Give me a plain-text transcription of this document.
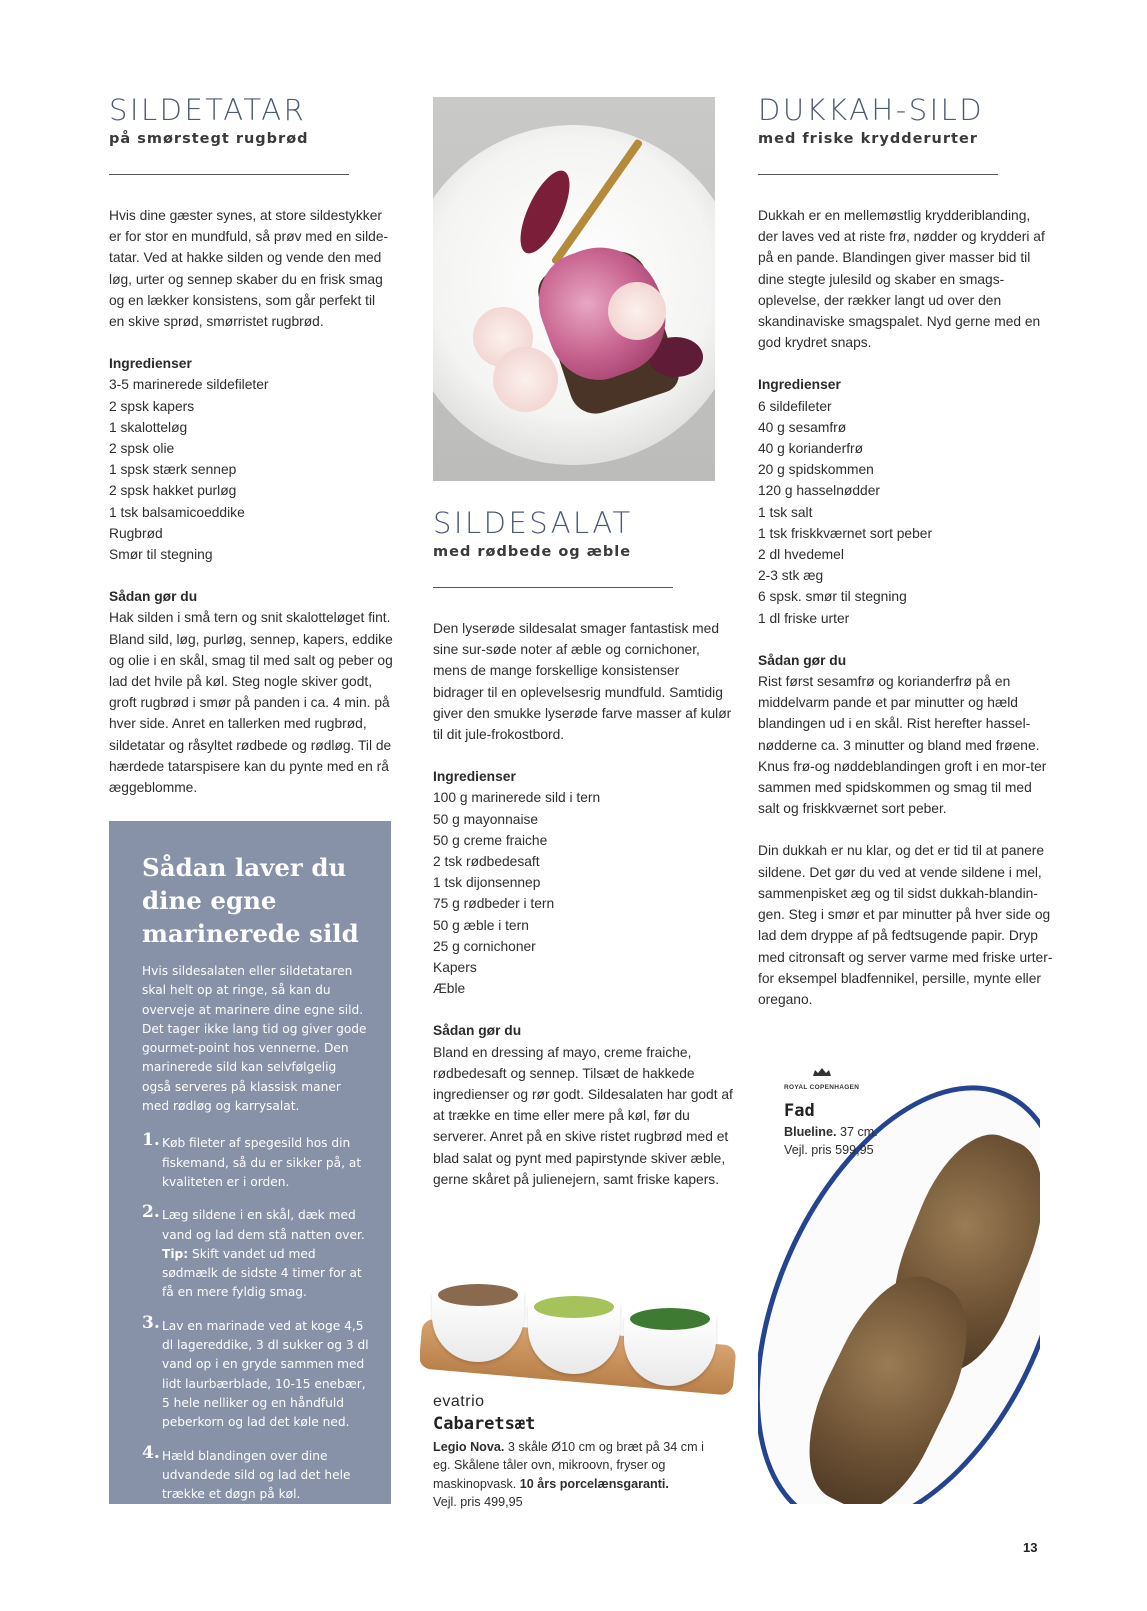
SILDETATAR
på smørstegt rugbrød

Hvis dine gæster synes, at store sildestykker er for stor en mundfuld, så prøv med en silde-tatar. Ved at hakke silden og vende den med løg, urter og sennep skaber du en frisk smag og en lækker konsistens, som går perfekt til en skive sprød, smørristet rugbrød.

Ingredienser

3-5 marinerede sildefileter
2 spsk kapers
1 skalotteløg
2 spsk olie
1 spsk stærk sennep
2 spsk hakket purløg
1 tsk balsamicoeddike
Rugbrød
Smør til stegning

Sådan gør du

Hak silden i små tern og snit skalotteløget fint. Bland sild, løg, purløg, sennep, kapers, eddike og olie i en skål, smag til med salt og peber og lad det hvile på køl. Steg nogle skiver godt, groft rugbrød i smør på panden i ca. 4 min. på hver side. Anret en tallerken med rugbrød, sildetatar og råsyltet rødbede og rødløg. Til de hærdede tatarspisere kan du pynte med en rå æggeblomme.

Sådan laver du dine egne marinerede sild

Hvis sildesalaten eller sildetataren skal helt op at ringe, så kan du overveje at marinere dine egne sild. Det tager ikke lang tid og giver gode gourmet-point hos vennerne. Den marinerede sild kan selvfølgelig også serveres på klassisk maner med rødløg og karrysalat.

1. Køb fileter af spegesild hos din fiskemand, så du er sikker på, at kvaliteten er i orden.
2. Læg sildene i en skål, dæk med vand og lad dem stå natten over. Tip: Skift vandet ud med sødmælk de sidste 4 timer for at få en mere fyldig smag.
3. Lav en marinade ved at koge 4,5 dl lagereddike, 3 dl sukker og 3 dl vand op i en gryde sammen med lidt laurbærblade, 10-15 enebær, 5 hele nelliker og en håndfuld peberkorn og lad det køle ned.
4. Hæld blandingen over dine udvandede sild og lad det hele trække et døgn på køl.
SILDESALAT
med rødbede og æble

Den lyserøde sildesalat smager fantastisk med sine sur-søde noter af æble og cornichoner, mens de mange forskellige konsistenser bidrager til en oplevelsesrig mundfuld. Samtidig giver den smukke lyserøde farve masser af kulør til dit jule-frokostbord.

Ingredienser

100 g marinerede sild i tern
50 g mayonnaise
50 g creme fraiche
2 tsk rødbedesaft
1 tsk dijonsennep
75 g rødbeder i tern
50 g æble i tern
25 g cornichoner
Kapers
Æble

Sådan gør du

Bland en dressing af mayo, creme fraiche, rødbedesaft og sennep. Tilsæt de hakkede ingredienser og rør godt. Sildesalaten har godt af at trække en time eller mere på køl, før du serverer. Anret på en skive ristet rugbrød med et blad salat og pynt med papirstynde skiver æble, gerne skåret på julienejern, samt friske kapers.

evatrio

Cabaretsæt

Legio Nova. 3 skåle Ø10 cm og bræt på 34 cm i eg. Skålene tåler ovn, mikroovn, fryser og maskinopvask. 10 års porcelænsgaranti.

Vejl. pris 499,95

DUKKAH-SILD
med friske krydderurter

Dukkah er en mellemøstlig krydderiblanding, der laves ved at riste frø, nødder og krydderi af på en pande. Blandingen giver masser bid til dine stegte julesild og skaber en smags-oplevelse, der rækker langt ud over den skandinaviske smagspalet. Nyd gerne med en god krydret snaps.

Ingredienser

6 sildefileter
40 g sesamfrø
40 g korianderfrø
20 g spidskommen
120 g hasselnødder
1 tsk salt
1 tsk friskkværnet sort peber
2 dl hvedemel
2-3 stk æg
6 spsk. smør til stegning
1 dl friske urter

Sådan gør du

Rist først sesamfrø og korianderfrø på en middelvarm pande et par minutter og hæld blandingen ud i en skål. Rist herefter hassel-nødderne ca. 3 minutter og bland med frøene. Knus frø-og nøddeblandingen groft i en mor-ter sammen med spidskommen og smag til med salt og friskkværnet sort peber.

Din dukkah er nu klar, og det er tid til at panere sildene. Det gør du ved at vende sildene i mel, sammenpisket æg og til sidst dukkah-blandin-gen. Steg i smør et par minutter på hver side og lad dem dryppe af på fedtsugende papir. Dryp med citronsaft og server varme med friske urter- for eksempel bladfennikel, persille, mynte eller oregano.

ROYAL COPENHAGEN

Fad

Blueline. 37 cm.

Vejl. pris 599,95

13
